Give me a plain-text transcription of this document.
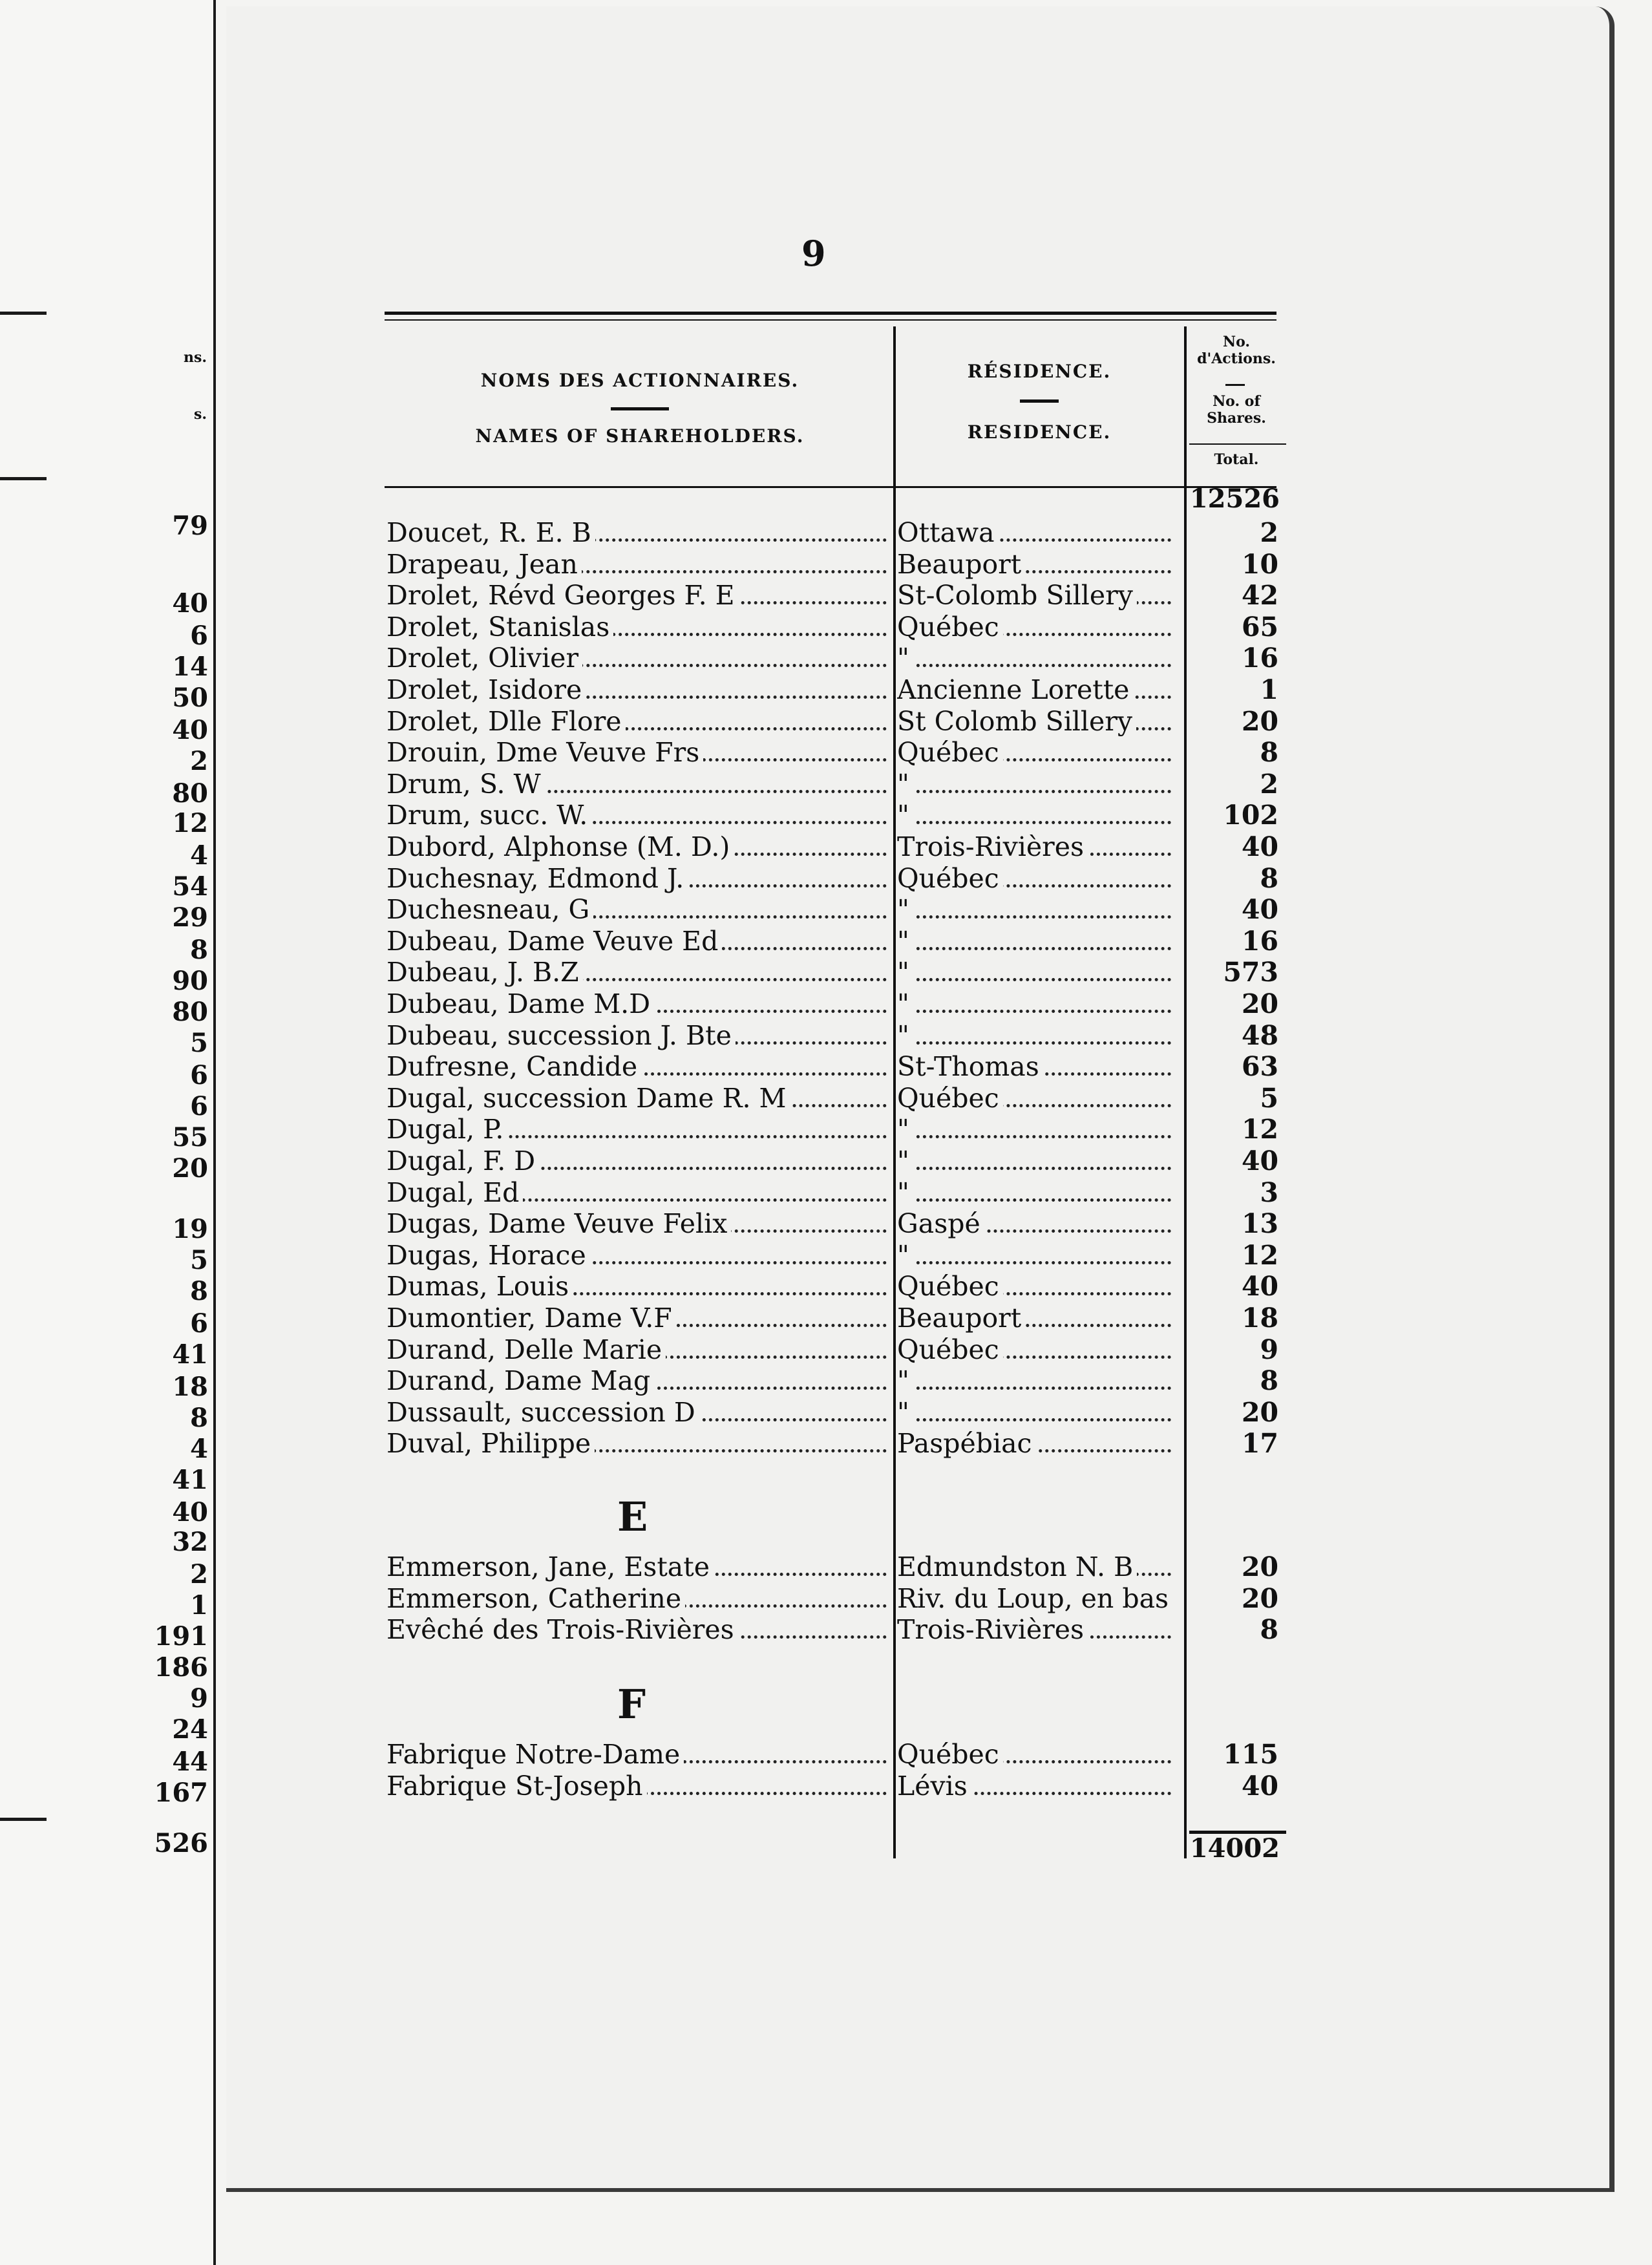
ns.
s.
79
40
6
14
50
40
2
80
12
4
54
29
8
90
80
5
6
6
55
20
19
5
8
6
41
18
8
4
41
40
32
2
1
191
186
9
24
44
167
526
9
NOMS DES ACTIONNAIRES.
NAMES OF SHAREHOLDERS.
RÉSIDENCE.
RESIDENCE.
No. d'Actions.
No. of Shares.
Total.
12526
Doucet, R. E. B	Ottawa	2
Drapeau, Jean	Beauport	10
Drolet, Révd Georges F. E	St-Colomb Sillery	42
Drolet, Stanislas	Québec	65
Drolet, Olivier	"	16
Drolet, Isidore	Ancienne Lorette	1
Drolet, Dlle Flore	St Colomb Sillery	20
Drouin, Dme Veuve Frs	Québec	8
Drum, S. W	"	2
Drum, succ. W.	"	102
Dubord, Alphonse (M. D.)	Trois-Rivières	40
Duchesnay, Edmond J.	Québec	8
Duchesneau, G	"	40
Dubeau, Dame Veuve Ed	"	16
Dubeau, J. B.Z	"	573
Dubeau, Dame M.D	"	20
Dubeau, succession J. Bte	"	48
Dufresne, Candide	St-Thomas	63
Dugal, succession Dame R. M	Québec	5
Dugal, P.	"	12
Dugal, F. D	"	40
Dugal, Ed	"	3
Dugas, Dame Veuve Felix	Gaspé	13
Dugas, Horace	"	12
Dumas, Louis	Québec	40
Dumontier, Dame V.F	Beauport	18
Durand, Delle Marie	Québec	9
Durand, Dame Mag	"	8
Dussault, succession D	"	20
Duval, Philippe	Paspébiac	17
E
Emmerson, Jane, Estate	Edmundston N. B	20
Emmerson, Catherine	Riv. du Loup, en bas	20
Evêché des Trois-Rivières	Trois-Rivières	8
F
Fabrique Notre-Dame	Québec	115
Fabrique St-Joseph	Lévis	40
14002
